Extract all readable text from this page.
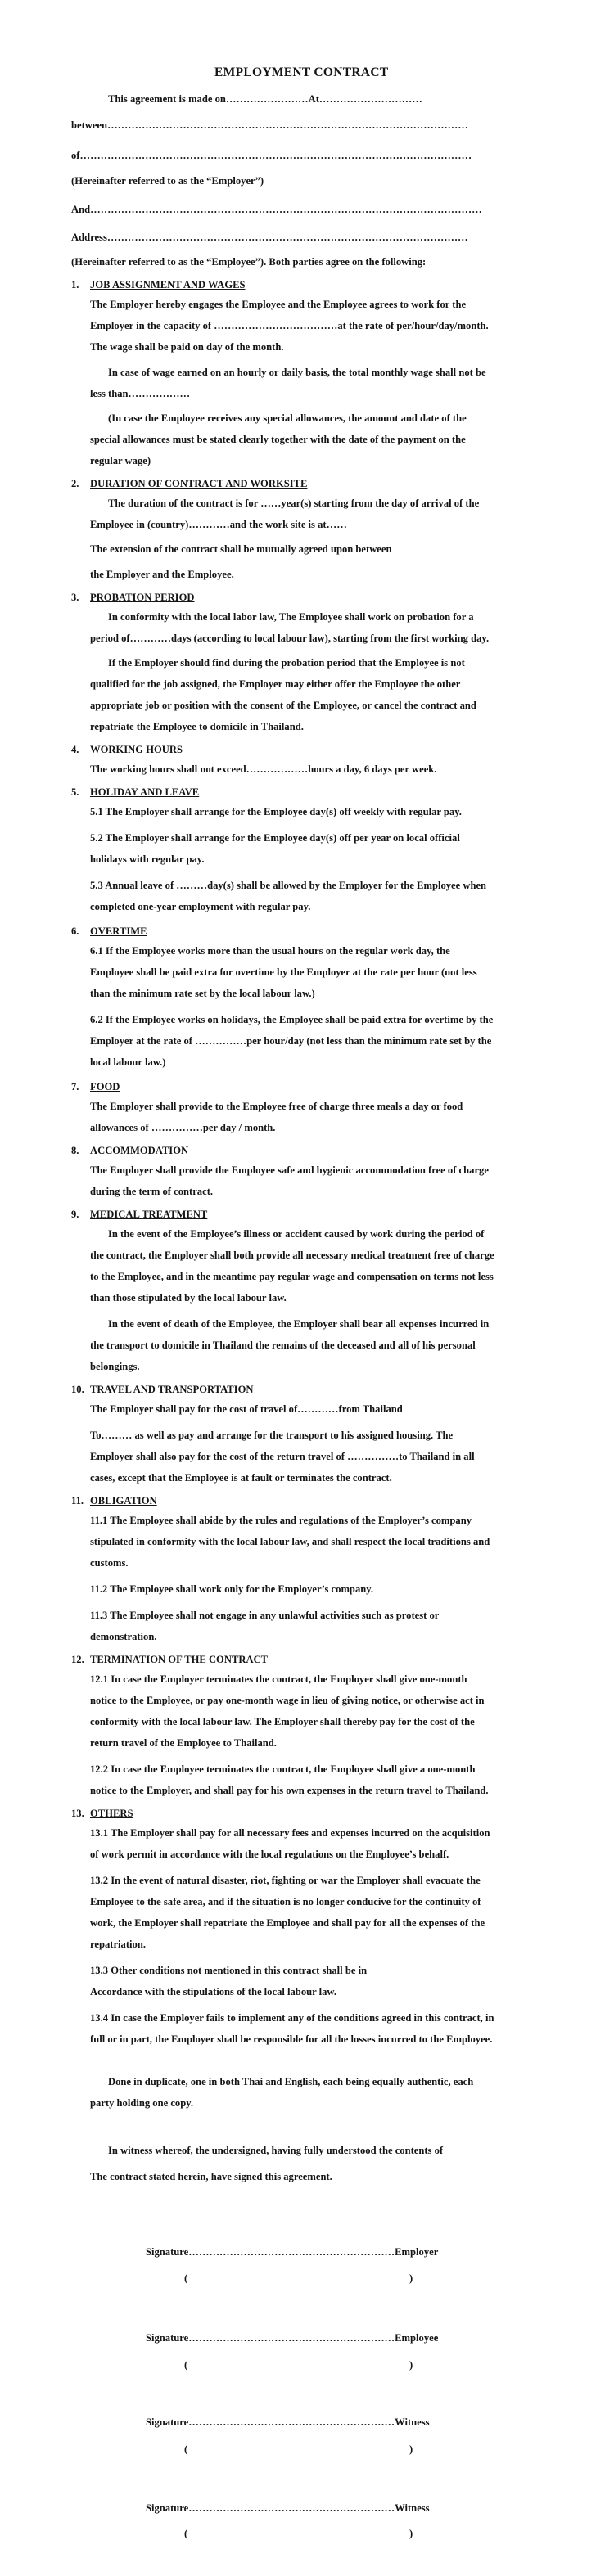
EMPLOYMENT CONTRACT
This agreement is made on……………………At…………………………
between……………………………………………………………………………………………
of……………………………………………………………………………………………………
(Hereinafter referred to as the “Employer”)
And……………………………………………………………………………………………………
Address……………………………………………………………………………………………
(Hereinafter referred to as the “Employee”). Both parties agree on the following:
1. JOB ASSIGNMENT AND WAGES
The Employer hereby engages the Employee and the Employee agrees to work for the
Employer in the capacity of ………………………………at the rate of per/hour/day/month.
The wage shall be paid on day of the month.
In case of wage earned on an hourly or daily basis, the total monthly wage shall not be
less than………………
(In case the Employee receives any special allowances, the amount and date of the
special allowances must be stated clearly together with the date of the payment on the
regular wage)
2. DURATION OF CONTRACT AND WORKSITE
The duration of the contract is for ……year(s) starting from the day of arrival of the
Employee in (country)…………and the work site is at……
The extension of the contract shall be mutually agreed upon between
the Employer and the Employee.
3. PROBATION PERIOD
In conformity with the local labor law, The Employee shall work on probation for a
period of…………days (according to local labour law), starting from the first working day.
If the Employer should find during the probation period that the Employee is not
qualified for the job assigned, the Employer may either offer the Employee the other
appropriate job or position with the consent of the Employee, or cancel the contract and
repatriate the Employee to domicile in Thailand.
4. WORKING HOURS
The working hours shall not exceed………………hours a day, 6 days per week.
5. HOLIDAY AND LEAVE
5.1 The Employer shall arrange for the Employee day(s) off weekly with regular pay.
5.2 The Employer shall arrange for the Employee day(s) off per year on local official
holidays with regular pay.
5.3 Annual leave of ………day(s) shall be allowed by the Employer for the Employee when
completed one-year employment with regular pay.
6. OVERTIME
6.1 If the Employee works more than the usual hours on the regular work day, the
Employee shall be paid extra for overtime by the Employer at the rate per hour (not less
than the minimum rate set by the local labour law.)
6.2 If the Employee works on holidays, the Employee shall be paid extra for overtime by the
Employer at the rate of ……………per hour/day (not less than the minimum rate set by the
local labour law.)
7. FOOD
The Employer shall provide to the Employee free of charge three meals a day or food
allowances of ……………per day / month.
8. ACCOMMODATION
The Employer shall provide the Employee safe and hygienic accommodation free of charge
during the term of contract.
9. MEDICAL TREATMENT
In the event of the Employee’s illness or accident caused by work during the period of
the contract, the Employer shall both provide all necessary medical treatment free of charge
to the Employee, and in the meantime pay regular wage and compensation on terms not less
than those stipulated by the local labour law.
In the event of death of the Employee, the Employer shall bear all expenses incurred in
the transport to domicile in Thailand the remains of the deceased and all of his personal
belongings.
10. TRAVEL AND TRANSPORTATION
The Employer shall pay for the cost of travel of…………from Thailand
To……… as well as pay and arrange for the transport to his assigned housing. The
Employer shall also pay for the cost of the return travel of ……………to Thailand in all
cases, except that the Employee is at fault or terminates the contract.
11. OBLIGATION
11.1 The Employee shall abide by the rules and regulations of the Employer’s company
stipulated in conformity with the local labour law, and shall respect the local traditions and
customs.
11.2 The Employee shall work only for the Employer’s company.
11.3 The Employee shall not engage in any unlawful activities such as protest or
demonstration.
12. TERMINATION OF THE CONTRACT
12.1 In case the Employer terminates the contract, the Employer shall give one-month
notice to the Employee, or pay one-month wage in lieu of giving notice, or otherwise act in
conformity with the local labour law. The Employer shall thereby pay for the cost of the
return travel of the Employee to Thailand.
12.2 In case the Employee terminates the contract, the Employee shall give a one-month
notice to the Employer, and shall pay for his own expenses in the return travel to Thailand.
13. OTHERS
13.1 The Employer shall pay for all necessary fees and expenses incurred on the acquisition
of work permit in accordance with the local regulations on the Employee’s behalf.
13.2 In the event of natural disaster, riot, fighting or war the Employer shall evacuate the
Employee to the safe area, and if the situation is no longer conducive for the continuity of
work, the Employer shall repatriate the Employee and shall pay for all the expenses of the
repatriation.
13.3 Other conditions not mentioned in this contract shall be in
Accordance with the stipulations of the local labour law.
13.4 In case the Employer fails to implement any of the conditions agreed in this contract, in
full or in part, the Employer shall be responsible for all the losses incurred to the Employee.
Done in duplicate, one in both Thai and English, each being equally authentic, each
party holding one copy.
In witness whereof, the undersigned, having fully understood the contents of
The contract stated herein, have signed this agreement.
Signature……………………………………………………Employer
(	)
Signature……………………………………………………Employee
(	)
Signature……………………………………………………Witness
(	)
Signature……………………………………………………Witness
(	)
